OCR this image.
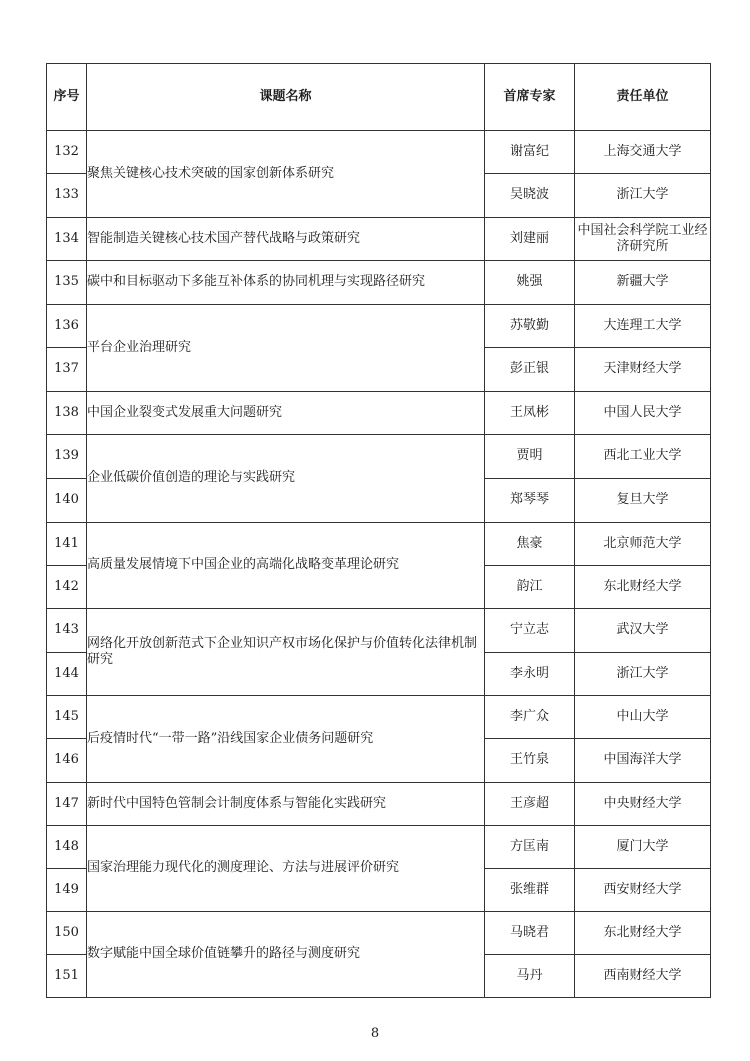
序号	课题名称	首席专家	责任单位
132	聚焦关键核心技术突破的国家创新体系研究	谢富纪	上海交通大学
133		吴晓波	浙江大学
134	智能制造关键核心技术国产替代战略与政策研究	刘建丽	中国社会科学院工业经济研究所
135	碳中和目标驱动下多能互补体系的协同机理与实现路径研究	姚强	新疆大学
136	平台企业治理研究	苏敬勤	大连理工大学
137		彭正银	天津财经大学
138	中国企业裂变式发展重大问题研究	王凤彬	中国人民大学
139	企业低碳价值创造的理论与实践研究	贾明	西北工业大学
140		郑琴琴	复旦大学
141	高质量发展情境下中国企业的高端化战略变革理论研究	焦豪	北京师范大学
142		韵江	东北财经大学
143	网络化开放创新范式下企业知识产权市场化保护与价值转化法律机制研究	宁立志	武汉大学
144		李永明	浙江大学
145	后疫情时代“一带一路”沿线国家企业债务问题研究	李广众	中山大学
146		王竹泉	中国海洋大学
147	新时代中国特色管制会计制度体系与智能化实践研究	王彦超	中央财经大学
148	国家治理能力现代化的测度理论、方法与进展评价研究	方匡南	厦门大学
149		张维群	西安财经大学
150	数字赋能中国全球价值链攀升的路径与测度研究	马晓君	东北财经大学
151		马丹	西南财经大学
8
